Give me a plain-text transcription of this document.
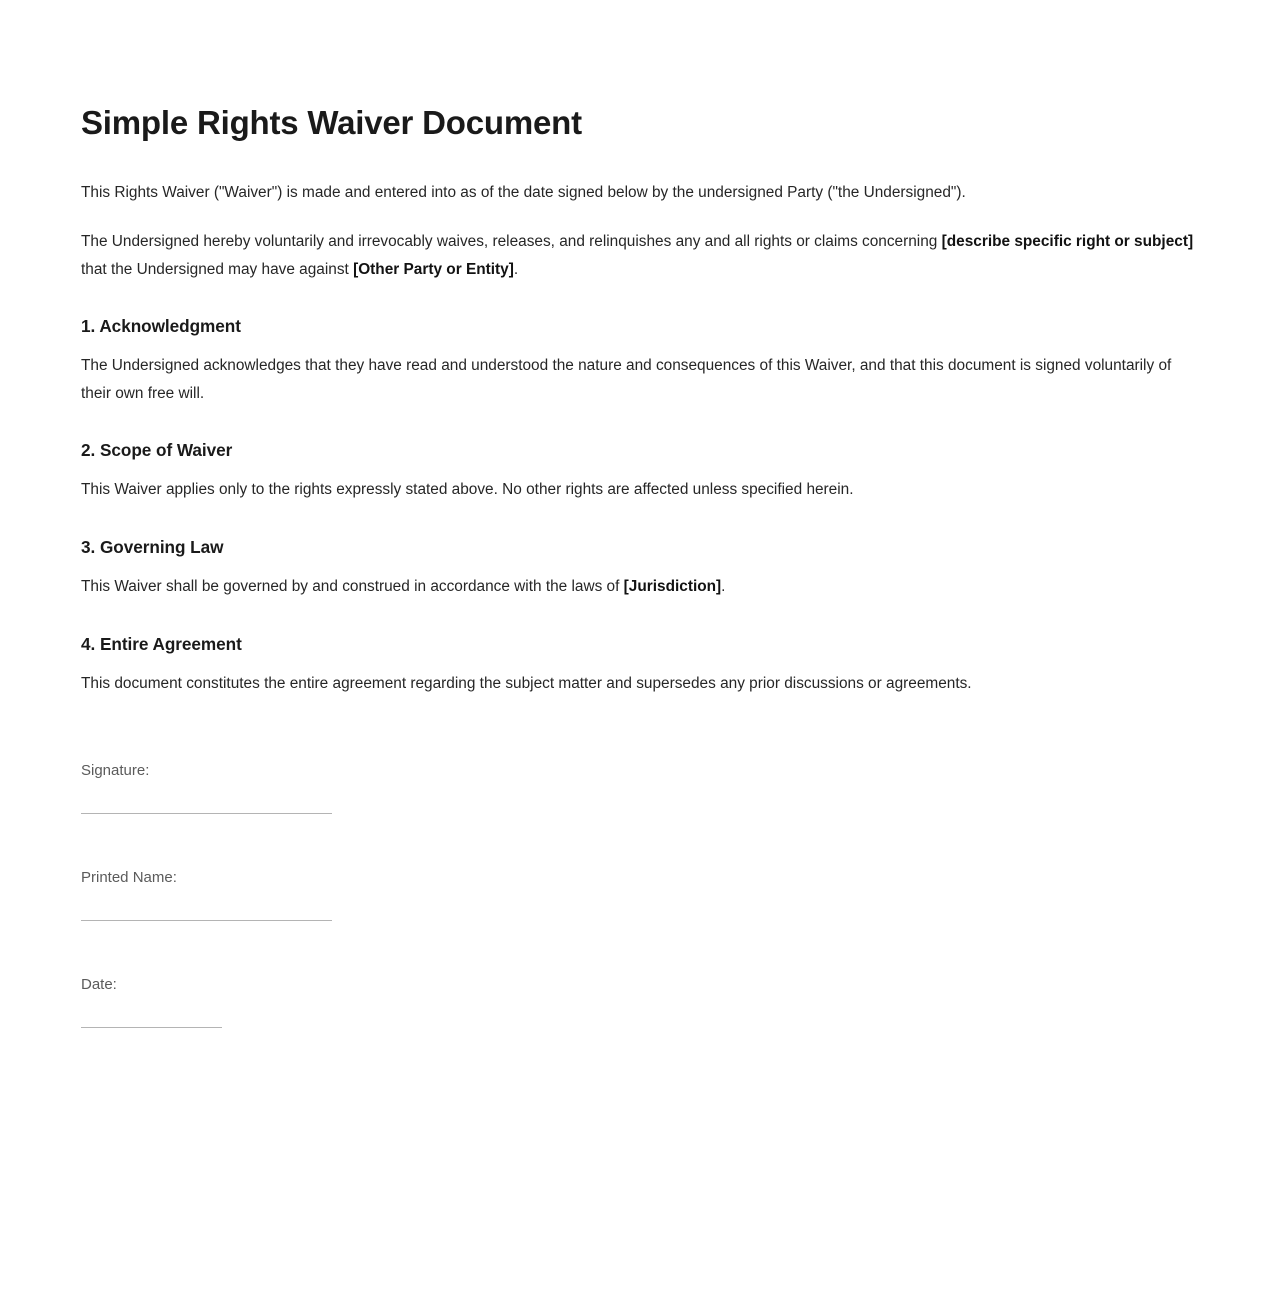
Simple Rights Waiver Document

This Rights Waiver ("Waiver") is made and entered into as of the date signed below by the undersigned Party ("the Undersigned").

The Undersigned hereby voluntarily and irrevocably waives, releases, and relinquishes any and all rights or claims concerning [describe specific right or subject] that the Undersigned may have against [Other Party or Entity].

1. Acknowledgment

The Undersigned acknowledges that they have read and understood the nature and consequences of this Waiver, and that this document is signed voluntarily of their own free will.

2. Scope of Waiver

This Waiver applies only to the rights expressly stated above. No other rights are affected unless specified herein.

3. Governing Law

This Waiver shall be governed by and construed in accordance with the laws of [Jurisdiction].

4. Entire Agreement

This document constitutes the entire agreement regarding the subject matter and supersedes any prior discussions or agreements.

Signature:
Printed Name:
Date:
